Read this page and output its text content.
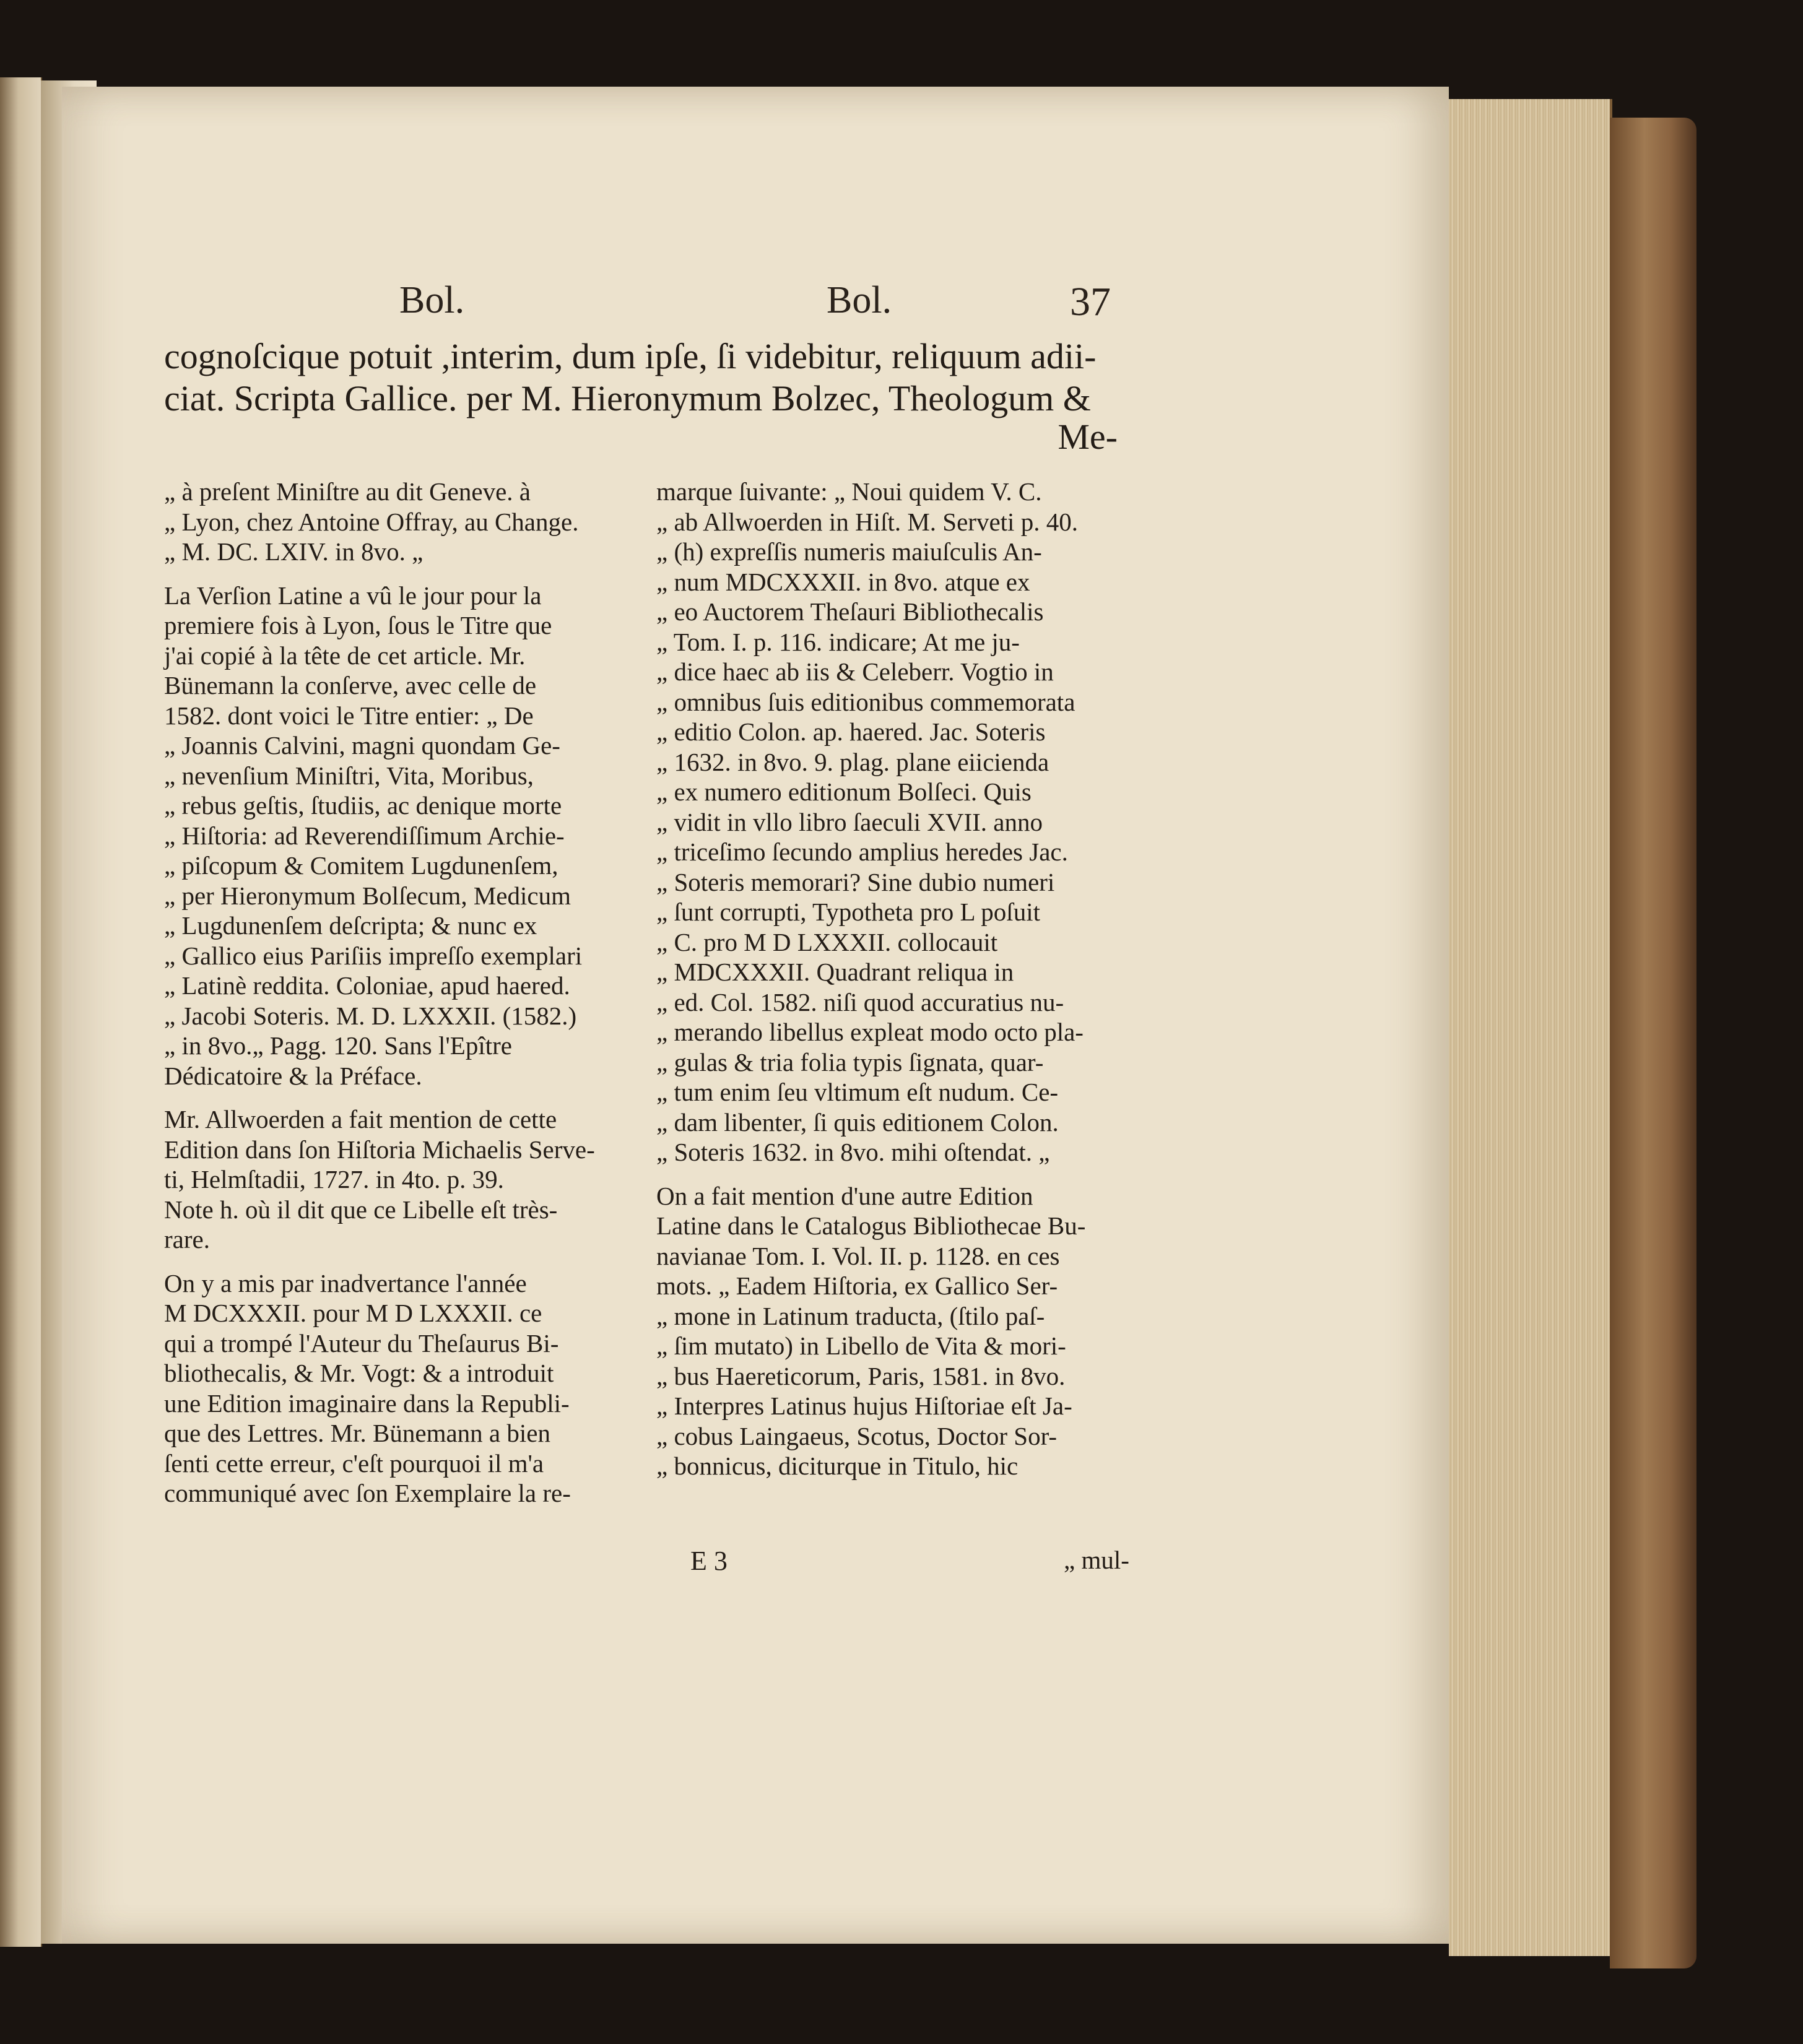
Bol.	Bol.	37
cognoſcique potuit ,interim, dum ipſe, ſi videbitur, reliquum adii-
ciat. Scripta Gallice. per M. Hieronymum Bolzec, Theologum &
Me-
„ à preſent Miniſtre au dit Geneve. à
„ Lyon, chez Antoine Offray, au Change.
„ M. DC. LXIV. in 8vo. „
La Verſion Latine a vû le jour pour la
premiere fois à Lyon, ſous le Titre que
j'ai copié à la tête de cet article. Mr.
Bünemann la conſerve, avec celle de
1582. dont voici le Titre entier: „ De
„ Joannis Calvini, magni quondam Ge-
„ nevenſium Miniſtri, Vita, Moribus,
„ rebus geſtis, ſtudiis, ac denique morte
„ Hiſtoria: ad Reverendiſſimum Archie-
„ piſcopum & Comitem Lugdunenſem,
„ per Hieronymum Bolſecum, Medicum
„ Lugdunenſem deſcripta; & nunc ex
„ Gallico eius Pariſiis impreſſo exemplari
„ Latinè reddita. Coloniae, apud haered.
„ Jacobi Soteris. M. D. LXXXII. (1582.)
„ in 8vo.„ Pagg. 120. Sans l'Epître
Dédicatoire & la Préface.
Mr. Allwoerden a fait mention de cette
Edition dans ſon Hiſtoria Michaelis Serve-
ti, Helmſtadii, 1727. in 4to. p. 39.
Note h. où il dit que ce Libelle eſt très-
rare.
On y a mis par inadvertance l'année
M DCXXXII. pour M D LXXXII. ce
qui a trompé l'Auteur du Theſaurus Bi-
bliothecalis, & Mr. Vogt: & a introduit
une Edition imaginaire dans la Republi-
que des Lettres. Mr. Bünemann a bien
ſenti cette erreur, c'eſt pourquoi il m'a
communiqué avec ſon Exemplaire la re-
marque ſuivante: „ Noui quidem V. C.
„ ab Allwoerden in Hiſt. M. Serveti p. 40.
„ (h) expreſſis numeris maiuſculis An-
„ num MDCXXXII. in 8vo. atque ex
„ eo Auctorem Theſauri Bibliothecalis
„ Tom. I. p. 116. indicare; At me ju-
„ dice haec ab iis & Celeberr. Vogtio in
„ omnibus ſuis editionibus commemorata
„ editio Colon. ap. haered. Jac. Soteris
„ 1632. in 8vo. 9. plag. plane eiicienda
„ ex numero editionum Bolſeci. Quis
„ vidit in vllo libro ſaeculi XVII. anno
„ triceſimo ſecundo amplius heredes Jac.
„ Soteris memorari? Sine dubio numeri
„ ſunt corrupti, Typotheta pro L poſuit
„ C. pro M D LXXXII. collocauit
„ MDCXXXII. Quadrant reliqua in
„ ed. Col. 1582. niſi quod accuratius nu-
„ merando libellus expleat modo octo pla-
„ gulas & tria folia typis ſignata, quar-
„ tum enim ſeu vltimum eſt nudum. Ce-
„ dam libenter, ſi quis editionem Colon.
„ Soteris 1632. in 8vo. mihi oſtendat. „
On a fait mention d'une autre Edition
Latine dans le Catalogus Bibliothecae Bu-
navianae Tom. I. Vol. II. p. 1128. en ces
mots. „ Eadem Hiſtoria, ex Gallico Ser-
„ mone in Latinum traducta, (ſtilo paſ-
„ ſim mutato) in Libello de Vita & mori-
„ bus Haereticorum, Paris, 1581. in 8vo.
„ Interpres Latinus hujus Hiſtoriae eſt Ja-
„ cobus Laingaeus, Scotus, Doctor Sor-
„ bonnicus, diciturque in Titulo, hic
E 3	„ mul-
